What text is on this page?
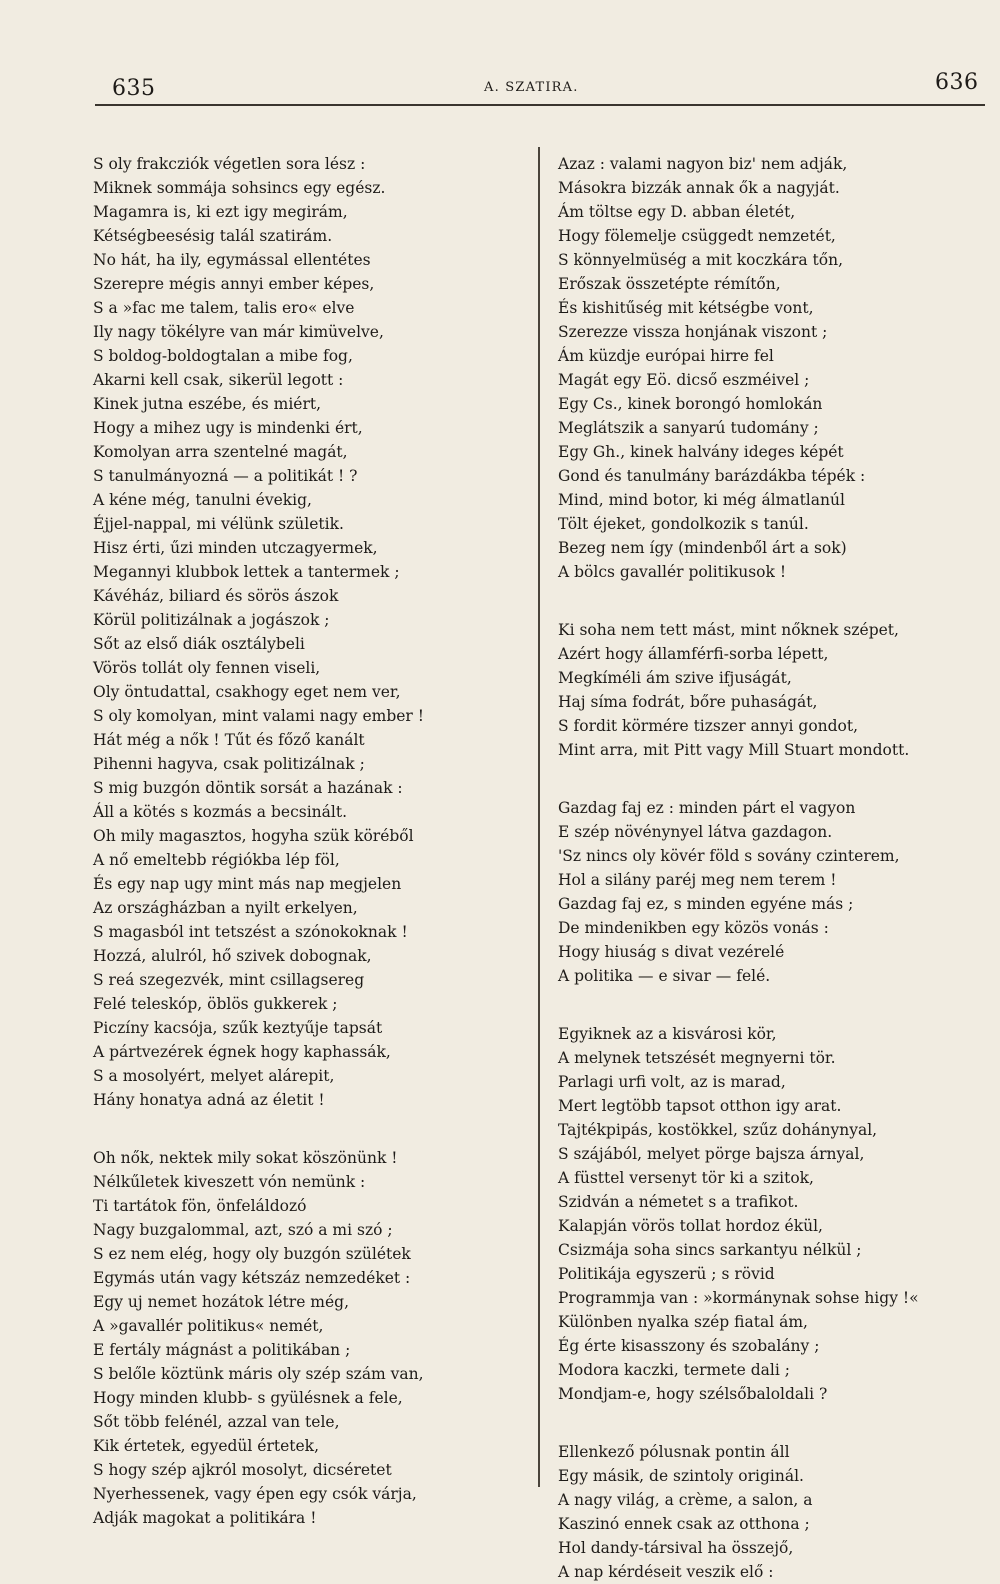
635	A. SZATIRA.	636
S oly frakcziók végetlen sora lész :
Miknek sommája sohsincs egy egész.
Magamra is, ki ezt igy megirám,
Kétségbeesésig talál szatirám.
No hát, ha ily, egymással ellentétes
Szerepre mégis annyi ember képes,
S a »fac me talem, talis ero« elve
Ily nagy tökélyre van már kimüvelve,
S boldog-boldogtalan a mibe fog,
Akarni kell csak, sikerül legott :
Kinek jutna eszébe, és miért,
Hogy a mihez ugy is mindenki ért,
Komolyan arra szentelné magát,
S tanulmányozná — a politikát ! ?
A kéne még, tanulni évekig,
Éjjel-nappal, mi vélünk születik.
Hisz érti, űzi minden utczagyermek,
Megannyi klubbok lettek a tantermek ;
Kávéház, biliard és sörös ászok
Körül politizálnak a jogászok ;
Sőt az első diák osztálybeli
Vörös tollát oly fennen viseli,
Oly öntudattal, csakhogy eget nem ver,
S oly komolyan, mint valami nagy ember !
Hát még a nők ! Tűt és főző kanált
Pihenni hagyva, csak politizálnak ;
S mig buzgón döntik sorsát a hazának :
Áll a kötés s kozmás a becsinált.
Oh mily magasztos, hogyha szük köréből
A nő emeltebb régiókba lép föl,
És egy nap ugy mint más nap megjelen
Az országházban a nyilt erkelyen,
S magasból int tetszést a szónokoknak !
Hozzá, alulról, hő szivek dobognak,
S reá szegezvék, mint csillagsereg
Felé teleskóp, öblös gukkerek ;
Piczíny kacsója, szűk keztyűje tapsát
A pártvezérek égnek hogy kaphassák,
S a mosolyért, melyet alárepit,
Hány honatya adná az életit !
Oh nők, nektek mily sokat köszönünk !
Nélkűletek kiveszett vón nemünk :
Ti tartátok fön, önfeláldozó
Nagy buzgalommal, azt, szó a mi szó ;
S ez nem elég, hogy oly buzgón szülétek
Egymás után vagy kétszáz nemzedéket :
Egy uj nemet hozátok létre még,
A »gavallér politikus« nemét,
E fertály mágnást a politikában ;
S belőle köztünk máris oly szép szám van,
Hogy minden klubb- s gyülésnek a fele,
Sőt több felénél, azzal van tele,
Kik értetek, egyedül értetek,
S hogy szép ajkról mosolyt, dicséretet
Nyerhessenek, vagy épen egy csók várja,
Adják magokat a politikára !
Azaz : valami nagyon biz' nem adják,
Másokra bizzák annak ők a nagyját.
Ám töltse egy D. abban életét,
Hogy fölemelje csüggedt nemzetét,
S könnyelmüség a mit koczkára tőn,
Erőszak összetépte rémítőn,
És kishitűség mit kétségbe vont,
Szerezze vissza honjának viszont ;
Ám küzdje európai hirre fel
Magát egy Eö. dicső eszméivel ;
Egy Cs., kinek borongó homlokán
Meglátszik a sanyarú tudomány ;
Egy Gh., kinek halvány ideges képét
Gond és tanulmány barázdákba tépék :
Mind, mind botor, ki még álmatlanúl
Tölt éjeket, gondolkozik s tanúl.
Bezeg nem így (mindenből árt a sok)
A bölcs gavallér politikusok !
Ki soha nem tett mást, mint nőknek szépet,
Azért hogy államférfi-sorba lépett,
Megkíméli ám szive ifjuságát,
Haj síma fodrát, bőre puhaságát,
S fordit körmére tizszer annyi gondot,
Mint arra, mit Pitt vagy Mill Stuart mondott.
Gazdag faj ez : minden párt el vagyon
E szép növénynyel látva gazdagon.
'Sz nincs oly kövér föld s sovány czinterem,
Hol a silány paréj meg nem terem !
Gazdag faj ez, s minden egyéne más ;
De mindenikben egy közös vonás :
Hogy hiuság s divat vezérelé
A politika — e sivar — felé.
Egyiknek az a kisvárosi kör,
A melynek tetszését megnyerni tör.
Parlagi urfi volt, az is marad,
Mert legtöbb tapsot otthon igy arat.
Tajtékpipás, kostökkel, szűz dohánynyal,
S szájából, melyet pörge bajsza árnyal,
A füsttel versenyt tör ki a szitok,
Szidván a németet s a trafikot.
Kalapján vörös tollat hordoz ékül,
Csizmája soha sincs sarkantyu nélkül ;
Politikája egyszerü ; s rövid
Programmja van : »kormánynak sohse higy !«
Különben nyalka szép fiatal ám,
Ég érte kisasszony és szobalány ;
Modora kaczki, termete dali ;
Mondjam-e, hogy szélsőbaloldali ?
Ellenkező pólusnak pontin áll
Egy másik, de szintoly originál.
A nagy világ, a crème, a salon, a
Kaszinó ennek csak az otthona ;
Hol dandy-társival ha összejő,
A nap kérdéseit veszik elő :
